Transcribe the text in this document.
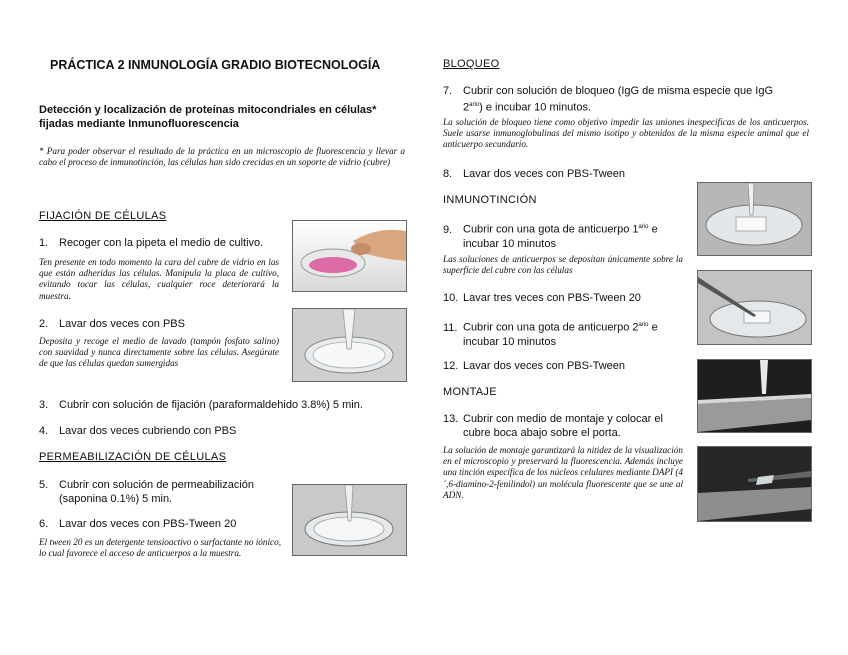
PRÁCTICA 2 INMUNOLOGÍA GRADIO BIOTECNOLOGÍA
Detección y localización de proteínas mitocondriales en células*
fijadas mediante Inmunofluorescencia
* Para poder observar el resultado de la práctica en un microscopio de fluorescencia y llevar a cabo el proceso de inmunotinción, las células han sido crecidas en un soporte de vidrio (cubre)
FIJACIÓN DE CÉLULAS
1. Recoger con la pipeta el medio de cultivo.
Ten presente en todo momento la cara del cubre de vidrio en las que están adheridas las células. Manipula la placa de cultivo, evitando tocar las células, cualquier roce deteriorará la muestra.
2. Lavar dos veces con PBS
Deposita y recoge el medio de lavado (tampón fosfato salino) con suavidad y nunca directamente sobre las células. Asegúrate de que las células quedan sumergidas
3. Cubrir con solución de fijación (paraformaldehido 3.8%) 5 min.
4. Lavar dos veces cubriendo con PBS
PERMEABILIZACIÓN DE CÉLULAS
5. Cubrir con solución de permeabilización
(saponina 0.1%) 5 min.
6. Lavar dos veces con PBS-Tween 20
El tween 20 es un detergente tensioactivo o surfactante no iónico, lo cual favorece el acceso de anticuerpos a la muestra.
BLOQUEO
7. Cubrir con solución de bloqueo (IgG de misma especie que IgG
$2^{ario}$) e incubar 10 minutos.
La solución de bloqueo tiene como objetivo impedir las uniones inespecíficas de los anticuerpos. Suele usarse inmunoglobulinas del mismo isotipo y obtenidos de la misma especie animal que el anticuerpo secundario.
8. Lavar dos veces con PBS-Tween
INMUNOTINCIÓN
9. Cubrir con una gota de anticuerpo $1^{ario}$ e
incubar 10 minutos
Las soluciones de anticuerpos se depositan únicamente sobre la superficie del cubre con las células
10. Lavar tres veces con PBS-Tween 20
11. Cubrir con una gota de anticuerpo $2^{ario}$ e
incubar 10 minutos
12. Lavar dos veces con PBS-Tween
MONTAJE
13. Cubrir con medio de montaje y colocar el
cubre boca abajo sobre el porta.
La solución de montaje garantizará la nitidez de la visualización en el microscopio y preservará la fluorescencia. Además incluye una tinción específica de los núcleos celulares mediante DAPI (4´,6-diamino-2-fenilindol) un molécula fluorescente que se une al ADN.
